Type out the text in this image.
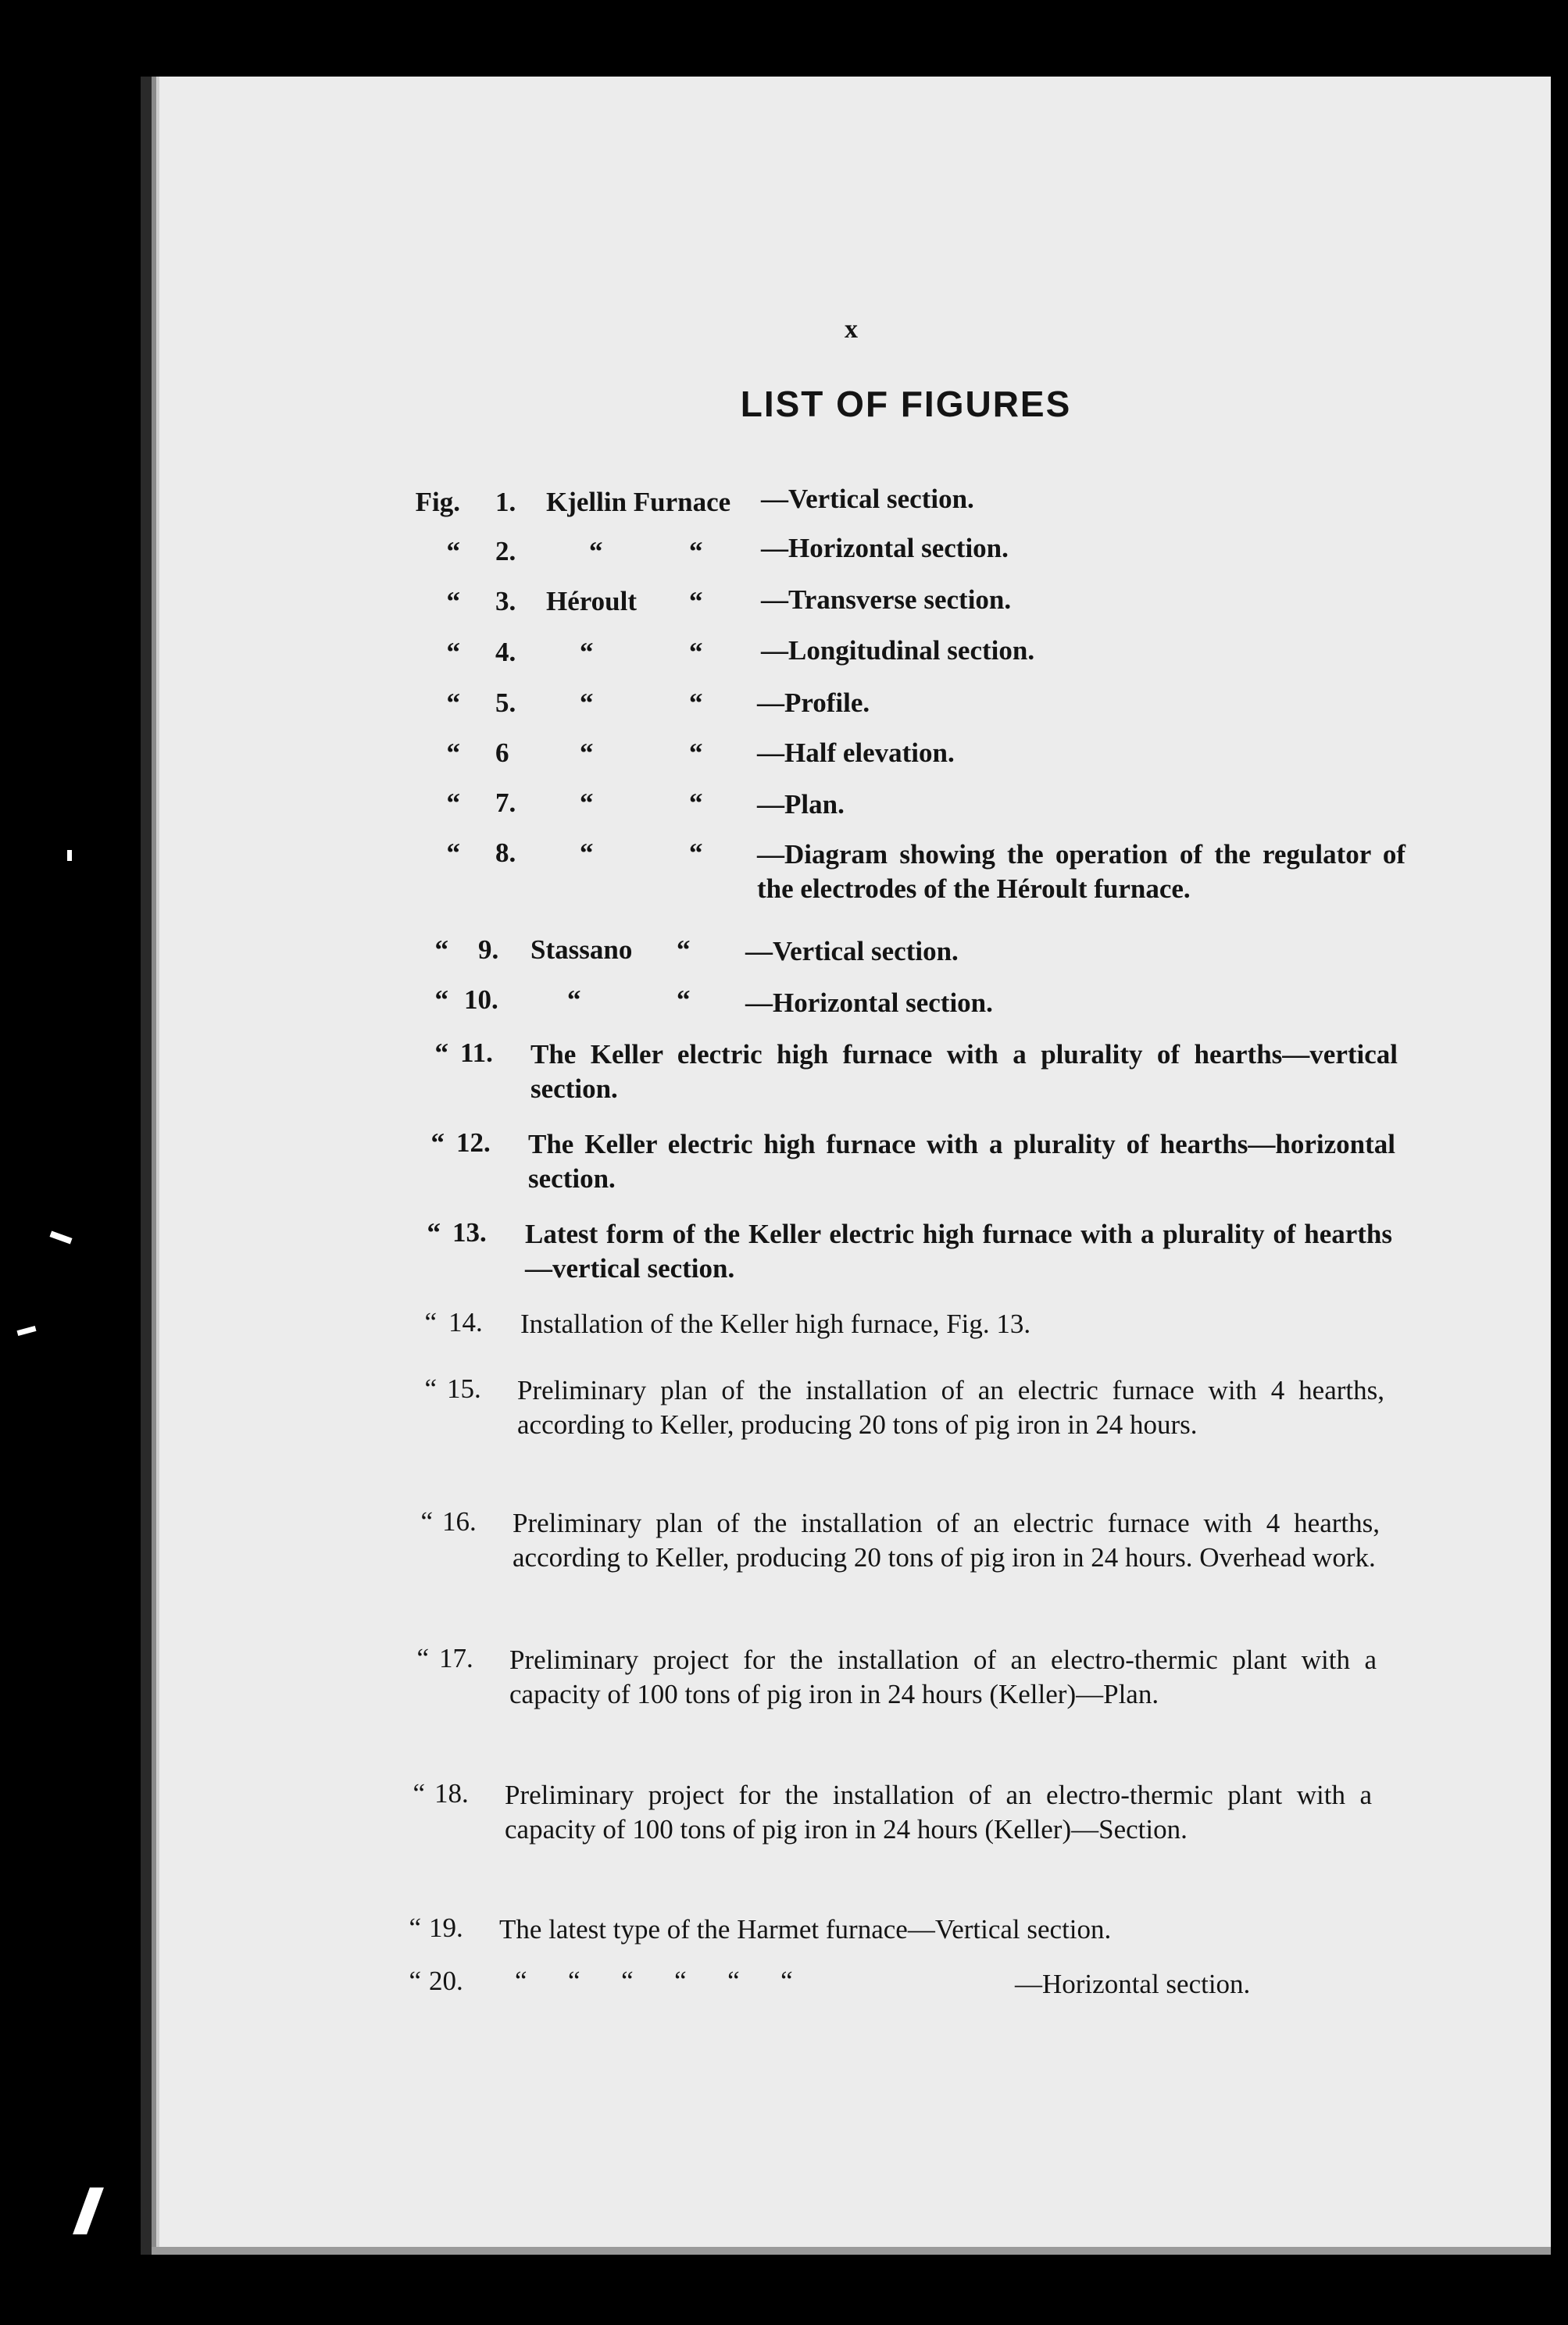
x
LIST OF FIGURES
Fig. 1. Kjellin Furnace —Vertical section.
“ 2.	“	“ —Horizontal section.
“ 3. Héroult “ —Transverse section.
“ 4. “	“ —Longitudinal section.
“ 5. “	“ —Profile.
“ 6	“	“ —Half elevation.
“ 7. “	“ —Plan.
“ 8. “	“ —Diagram showing the operation of the regulator of the electrodes of the Héroult furnace.
“ 9. Stassano “ —Vertical section.
“ 10.	“	“ —Horizontal section.
“ 11. The Keller electric high furnace with a plurality of hearths—vertical section.
“ 12. The Keller electric high furnace with a plurality of hearths—horizontal section.
“ 13. Latest form of the Keller electric high furnace with a plurality of hearths—vertical section.
“ 14. Installation of the Keller high furnace, Fig. 13.
“ 15. Preliminary plan of the installation of an electric furnace with 4 hearths, according to Keller, producing 20 tons of pig iron in 24 hours.
“ 16. Preliminary plan of the installation of an electric furnace with 4 hearths, according to Keller, producing 20 tons of pig iron in 24 hours. Overhead work.
“ 17. Preliminary project for the installation of an electro-thermic plant with a capacity of 100 tons of pig iron in 24 hours (Keller)—Plan.
“ 18. Preliminary project for the installation of an electro-thermic plant with a capacity of 100 tons of pig iron in 24 hours (Keller)—Section.
“ 19. The latest type of the Harmet furnace—Vertical section.
“ 20. “      “      “      “      “      “	—Horizontal section.
